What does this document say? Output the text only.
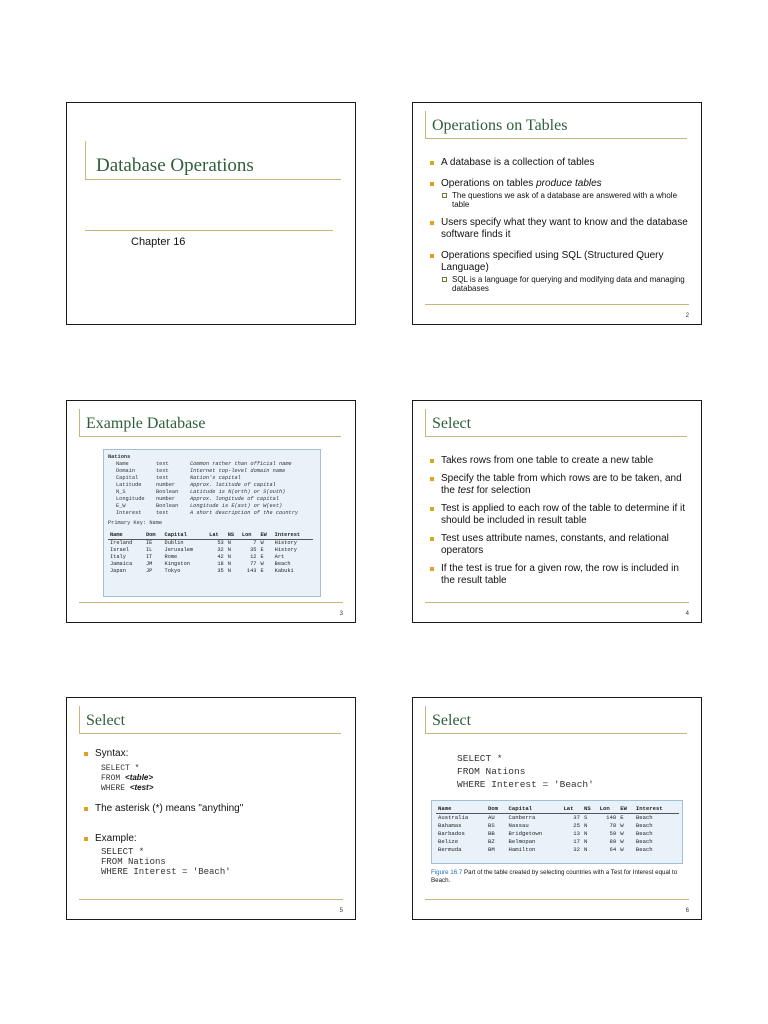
Database Operations
Chapter 16
Operations on Tables
A database is a collection of tables
Operations on tables produce tables
The questions we ask of a database are answered with a whole table
Users specify what they want to know and the database software finds it
Operations specified using SQL (Structured Query Language)
SQL is a language for querying and modifying data and managing databases
2
Example Database
Nations
Name	text	Common rather than official name
Domain	text	Internet top-level domain name
Capital	text	Nation's capital
Latitude	number	Approx. latitude of capital
N_S	Boolean	Latitude is N(orth) or S(outh)
Longitude	number	Approx. longitude of capital
E_W	Boolean	Longitude is E(ast) or W(est)
Interest	text	A short description of the country
Primary Key: Name
Name	Dom	Capital	Lat	NS	Lon	EW	Interest
Ireland	IE	Dublin	53	N	7	W	History
Israel	IL	Jerusalem	32	N	35	E	History
Italy	IT	Rome	42	N	12	E	Art
Jamaica	JM	Kingston	18	N	77	W	Beach
Japan	JP	Tokyo	35	N	143	E	Kabuki
3
Select
Takes rows from one table to create a new table
Specify the table from which rows are to be taken, and the test for selection
Test is applied to each row of the table to determine if it should be included in result table
Test uses attribute names, constants, and relational operators
If the test is true for a given row, the row is included in the result table
4
Select
Syntax:
SELECT *
FROM <table>
WHERE <test>
The asterisk (*) means "anything"
Example:
SELECT *
FROM Nations
WHERE Interest = 'Beach'
5
Select
SELECT *
FROM Nations
WHERE Interest = 'Beach'
Name	Dom	Capital	Lat	NS	Lon	EW	Interest
Australia	AU	Canberra	37	S	148	E	Beach
Bahamas	BS	Nassau	25	N	78	W	Beach
Barbados	BB	Bridgetown	13	N	59	W	Beach
Belize	BZ	Belmopan	17	N	89	W	Beach
Bermuda	BM	Hamilton	32	N	64	W	Beach
Figure 16.7 Part of the table created by selecting countries with a Test for Interest equal to Beach.
6
